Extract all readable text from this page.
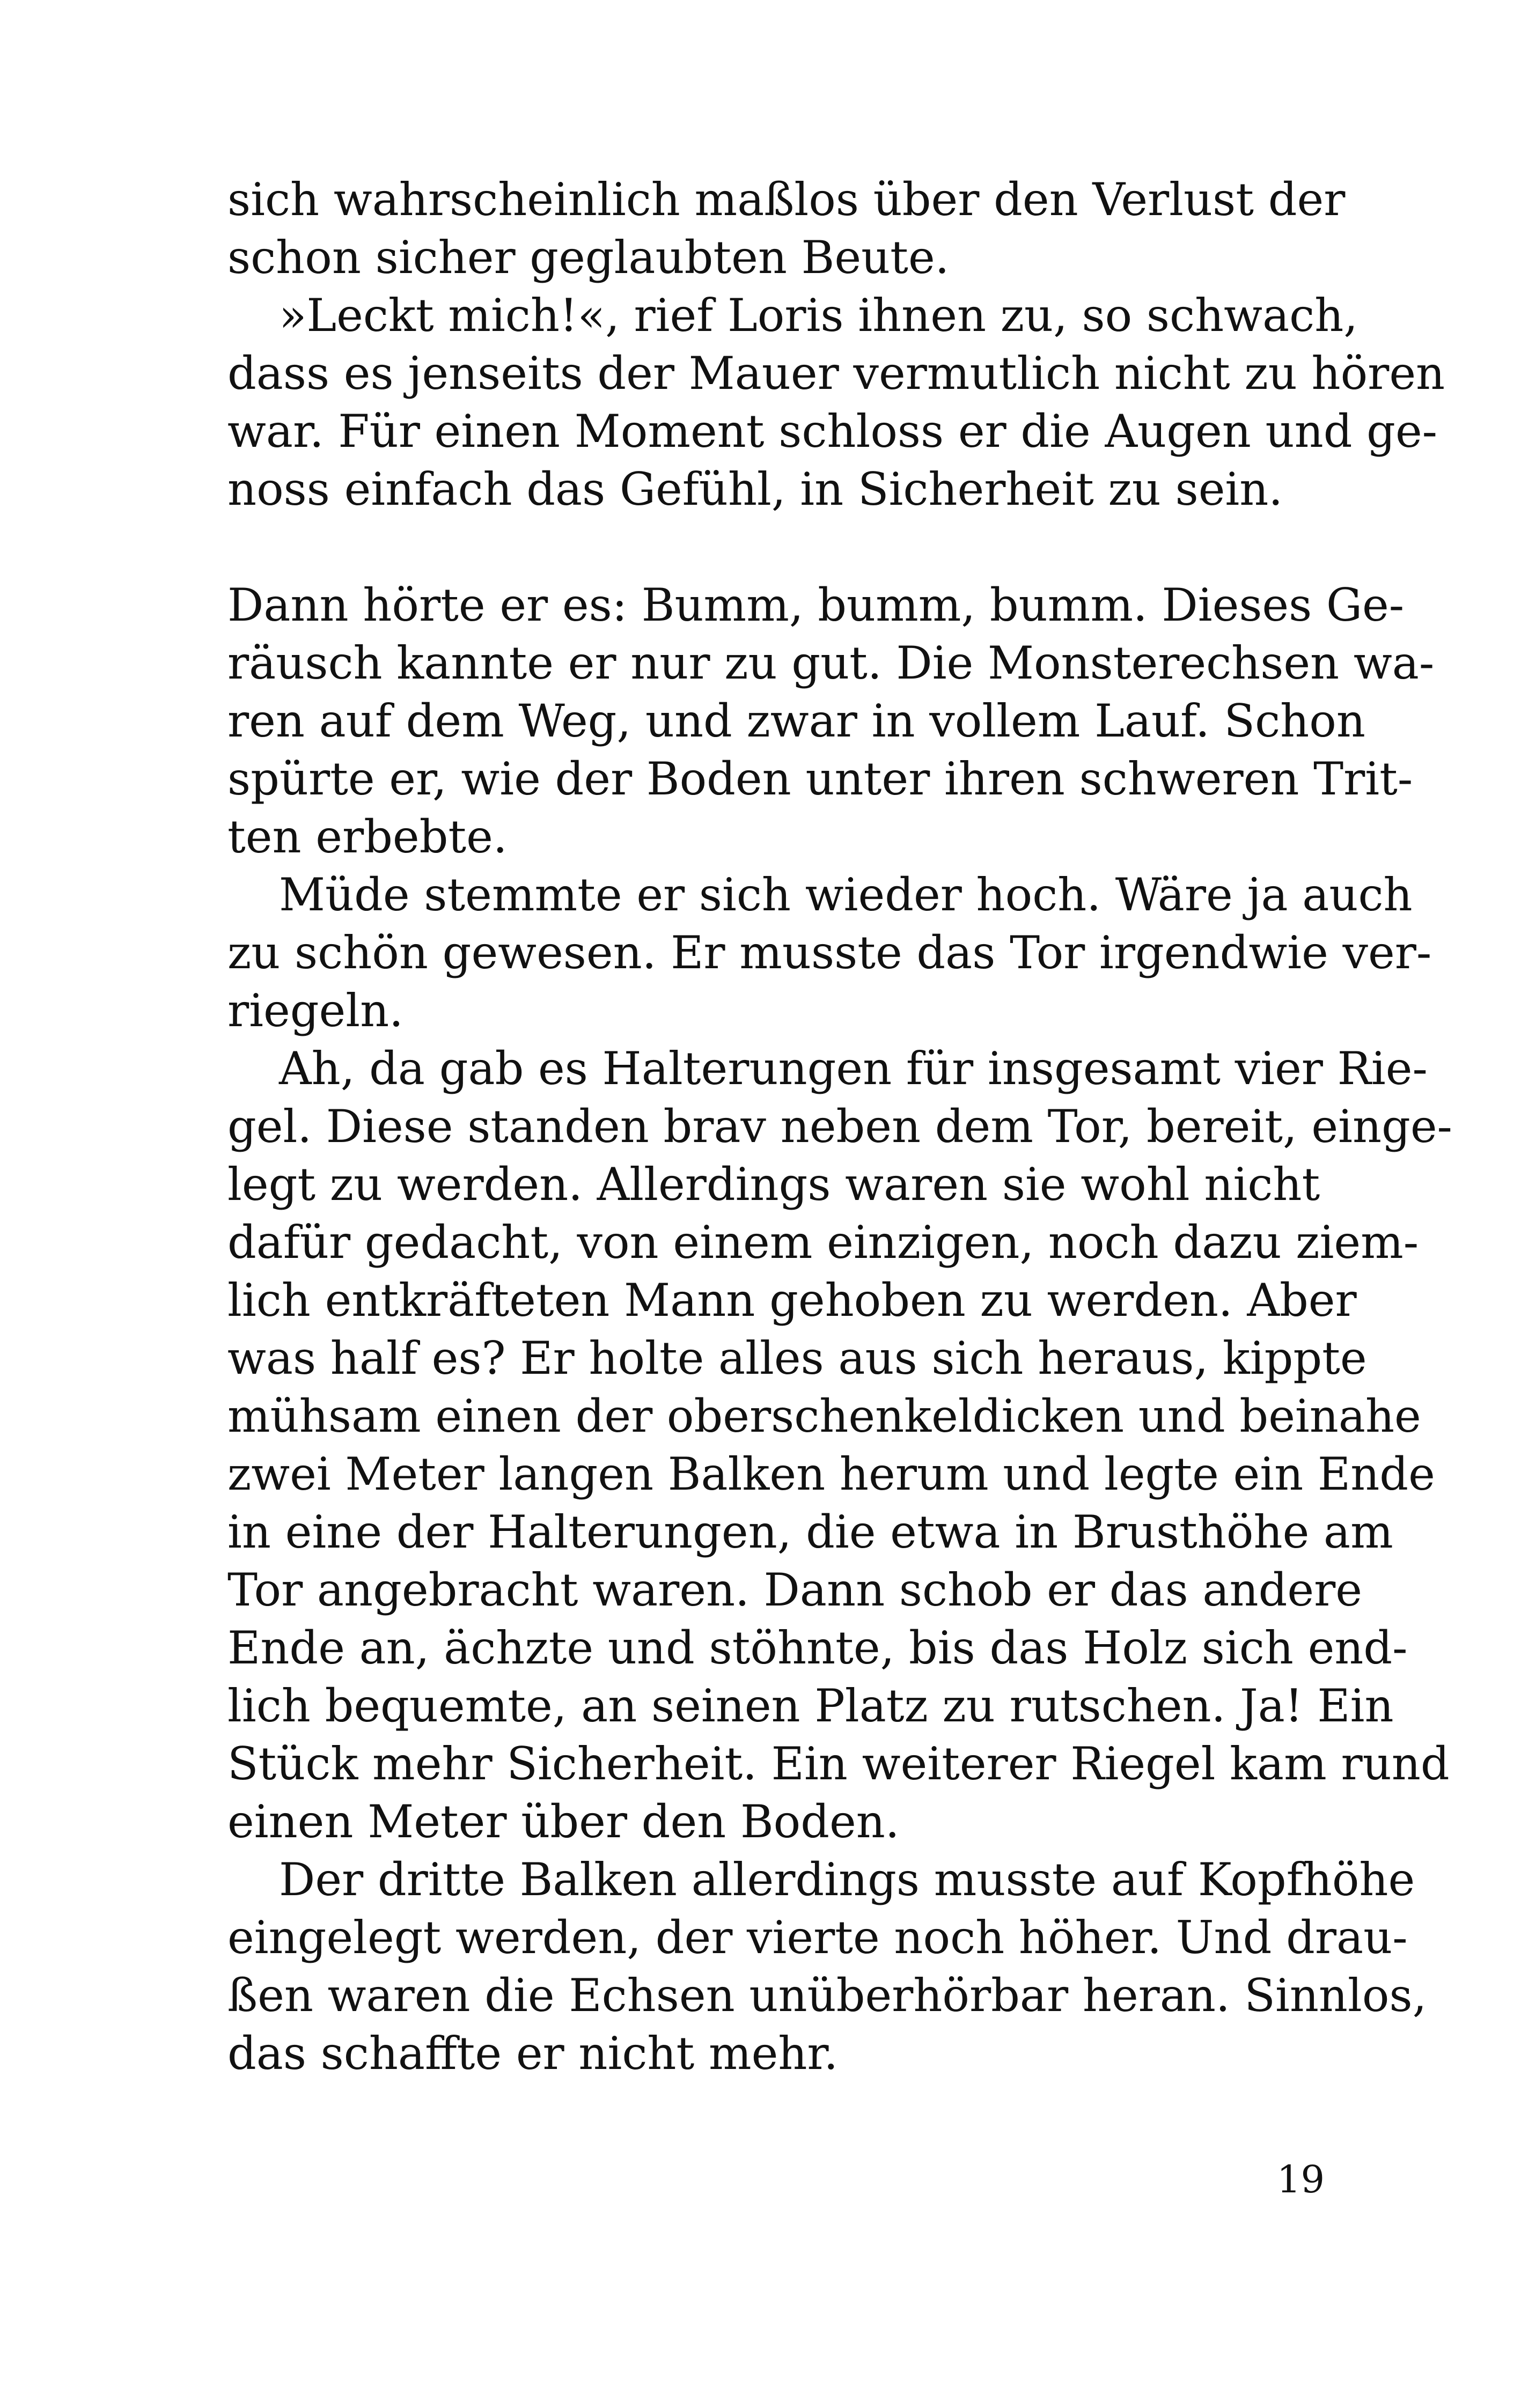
sich wahrscheinlich maßlos über den Verlust der
schon sicher geglaubten Beute.
»Leckt mich!«, rief Loris ihnen zu, so schwach,
dass es jenseits der Mauer vermutlich nicht zu hören
war. Für einen Moment schloss er die Augen und ge-
noss einfach das Gefühl, in Sicherheit zu sein.
Dann hörte er es: Bumm, bumm, bumm. Dieses Ge-
räusch kannte er nur zu gut. Die Monsterechsen wa-
ren auf dem Weg, und zwar in vollem Lauf. Schon
spürte er, wie der Boden unter ihren schweren Trit-
ten erbebte.
Müde stemmte er sich wieder hoch. Wäre ja auch
zu schön gewesen. Er musste das Tor irgendwie ver-
riegeln.
Ah, da gab es Halterungen für insgesamt vier Rie-
gel. Diese standen brav neben dem Tor, bereit, einge-
legt zu werden. Allerdings waren sie wohl nicht
dafür gedacht, von einem einzigen, noch dazu ziem-
lich entkräfteten Mann gehoben zu werden. Aber
was half es? Er holte alles aus sich heraus, kippte
mühsam einen der oberschenkeldicken und beinahe
zwei Meter langen Balken herum und legte ein Ende
in eine der Halterungen, die etwa in Brusthöhe am
Tor angebracht waren. Dann schob er das andere
Ende an, ächzte und stöhnte, bis das Holz sich end-
lich bequemte, an seinen Platz zu rutschen. Ja! Ein
Stück mehr Sicherheit. Ein weiterer Riegel kam rund
einen Meter über den Boden.
Der dritte Balken allerdings musste auf Kopfhöhe
eingelegt werden, der vierte noch höher. Und drau-
ßen waren die Echsen unüberhörbar heran. Sinnlos,
das schaffte er nicht mehr.
19
